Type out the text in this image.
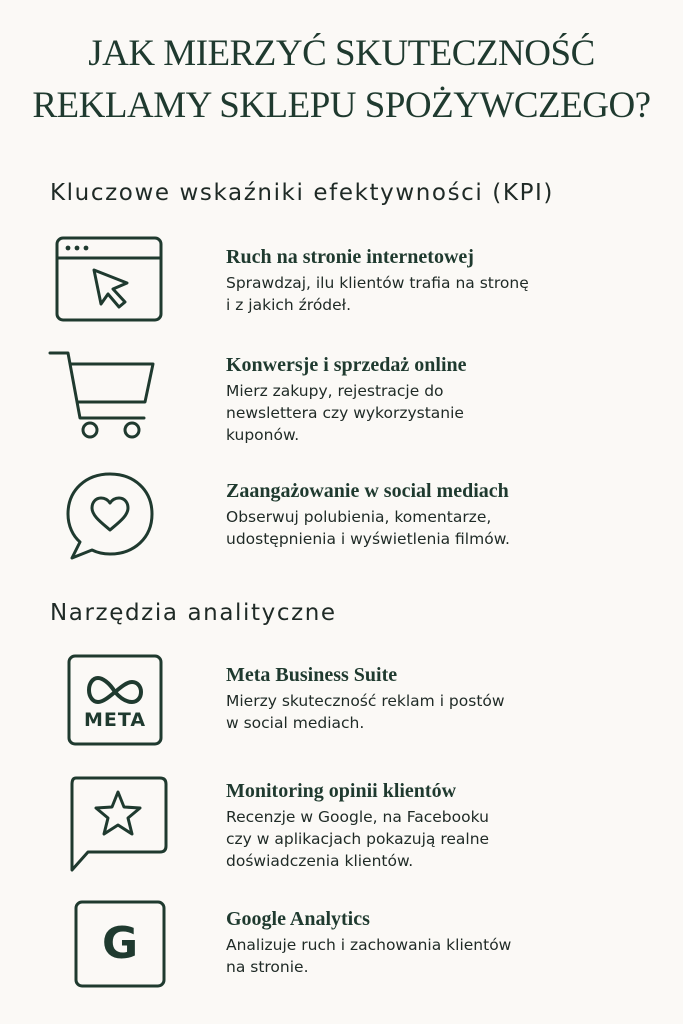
JAK MIERZYĆ SKUTECZNOŚĆ
REKLAMY SKLEPU SPOŻYWCZEGO?
Kluczowe wskaźniki efektywności (KPI)
Ruch na stronie internetowej
Sprawdzaj, ilu klientów trafia na stronę
i z jakich źródeł.
Konwersje i sprzedaż online
Mierz zakupy, rejestracje do
newslettera czy wykorzystanie
kuponów.
Zaangażowanie w social mediach
Obserwuj polubienia, komentarze,
udostępnienia i wyświetlenia filmów.
Narzędzia analityczne
META
Meta Business Suite
Mierzy skuteczność reklam i postów
w social mediach.
Monitoring opinii klientów
Recenzje w Google, na Facebooku
czy w aplikacjach pokazują realne
doświadczenia klientów.
G	Google Analytics
Analizuje ruch i zachowania klientów
na stronie.
